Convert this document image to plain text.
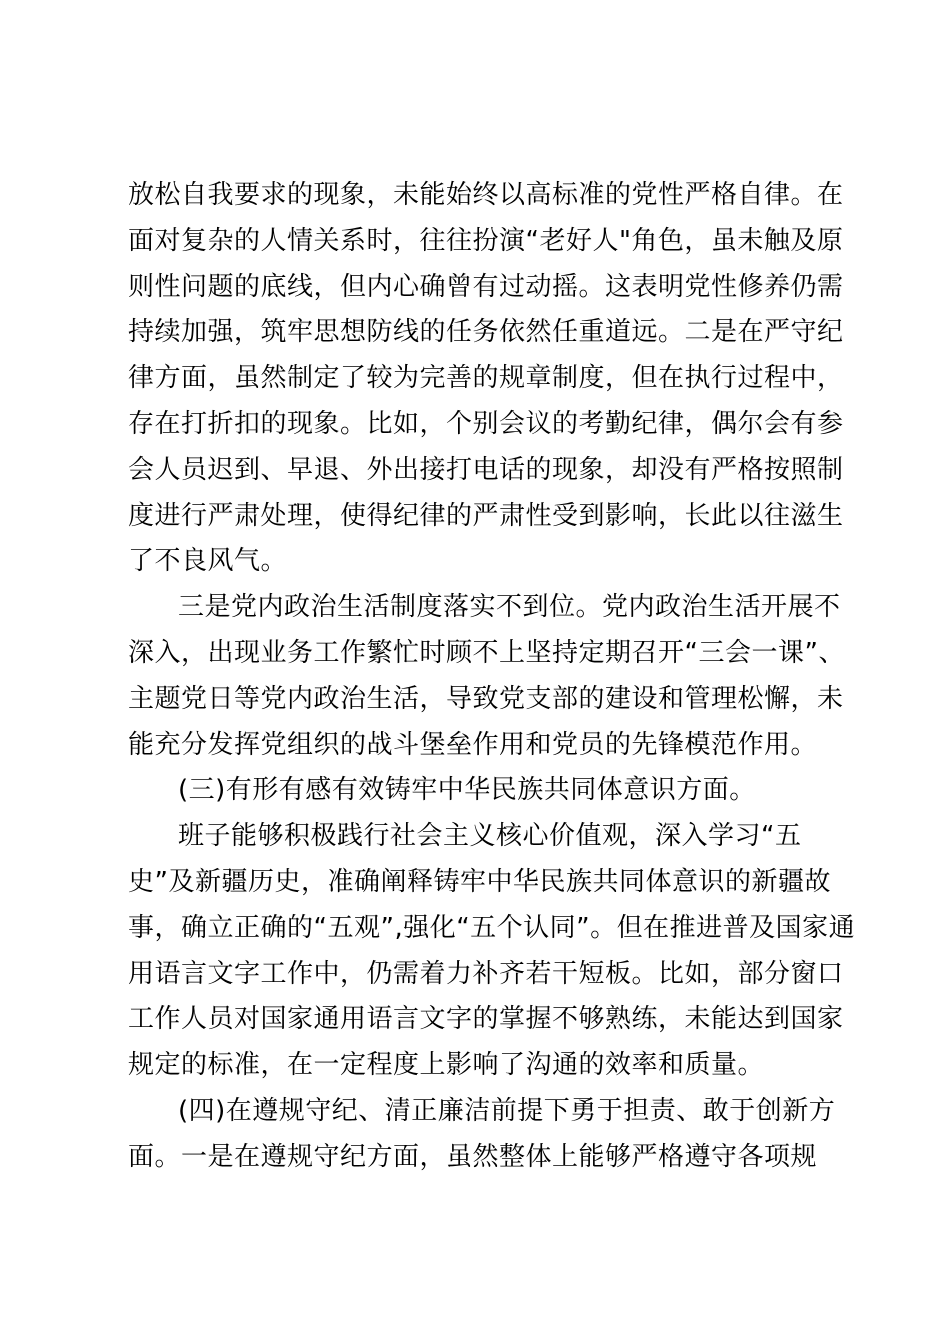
放松自我要求的现象，未能始终以高标准的党性严格自律。在
面对复杂的人情关系时，往往扮演“老好人"角色，虽未触及原
则性问题的底线，但内心确曾有过动摇。这表明党性修养仍需
持续加强，筑牢思想防线的任务依然任重道远。二是在严守纪
律方面，虽然制定了较为完善的规章制度，但在执行过程中，
存在打折扣的现象。比如，个别会议的考勤纪律，偶尔会有参
会人员迟到、早退、外出接打电话的现象，却没有严格按照制
度进行严肃处理，使得纪律的严肃性受到影响，长此以往滋生
了不良风气。
三是党内政治生活制度落实不到位。党内政治生活开展不
深入，出现业务工作繁忙时顾不上坚持定期召开“三会一课”、
主题党日等党内政治生活，导致党支部的建设和管理松懈，未
能充分发挥党组织的战斗堡垒作用和党员的先锋模范作用。
(三)有形有感有效铸牢中华民族共同体意识方面。
班子能够积极践行社会主义核心价值观，深入学习“五
史”及新疆历史，准确阐释铸牢中华民族共同体意识的新疆故
事，确立正确的“五观”,强化“五个认同”。但在推进普及国家通
用语言文字工作中，仍需着力补齐若干短板。比如，部分窗口
工作人员对国家通用语言文字的掌握不够熟练，未能达到国家
规定的标准，在一定程度上影响了沟通的效率和质量。
(四)在遵规守纪、清正廉洁前提下勇于担责、敢于创新方
面。一是在遵规守纪方面，虽然整体上能够严格遵守各项规
